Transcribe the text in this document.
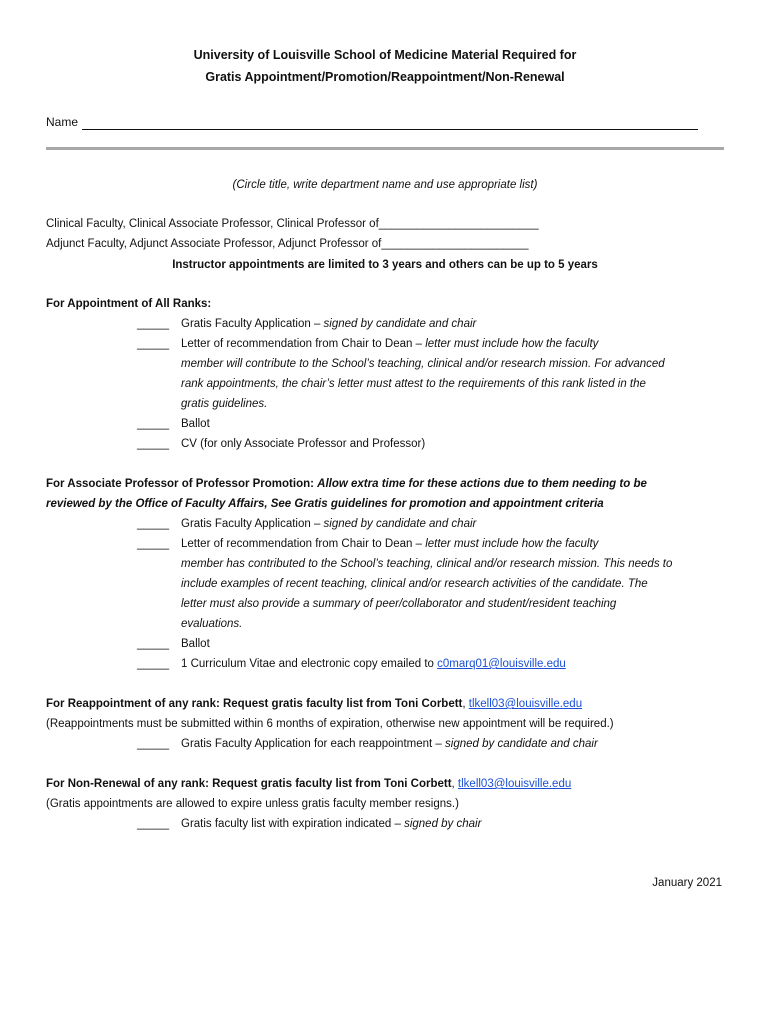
University of Louisville School of Medicine Material Required for
Gratis Appointment/Promotion/Reappointment/Non-Renewal
Name
(Circle title, write department name and use appropriate list)
Clinical Faculty, Clinical Associate Professor, Clinical Professor of_________________________
Adjunct Faculty, Adjunct Associate Professor, Adjunct Professor of_______________________
Instructor appointments are limited to 3 years and others can be up to 5 years
For Appointment of All Ranks:
_____ Gratis Faculty Application – signed by candidate and chair
_____ Letter of recommendation from Chair to Dean – letter must include how the faculty
member will contribute to the School’s teaching, clinical and/or research mission. For advanced
rank appointments, the chair’s letter must attest to the requirements of this rank listed in the
gratis guidelines.
_____ Ballot
_____ CV (for only Associate Professor and Professor)
For Associate Professor of Professor Promotion: Allow extra time for these actions due to them needing to be
reviewed by the Office of Faculty Affairs, See Gratis guidelines for promotion and appointment criteria
_____ Gratis Faculty Application – signed by candidate and chair
_____ Letter of recommendation from Chair to Dean – letter must include how the faculty
member has contributed to the School’s teaching, clinical and/or research mission. This needs to
include examples of recent teaching, clinical and/or research activities of the candidate. The
letter must also provide a summary of peer/collaborator and student/resident teaching
evaluations.
_____ Ballot
_____ 1 Curriculum Vitae and electronic copy emailed to c0marq01@louisville.edu
For Reappointment of any rank: Request gratis faculty list from Toni Corbett, tlkell03@louisville.edu
(Reappointments must be submitted within 6 months of expiration, otherwise new appointment will be required.)
_____ Gratis Faculty Application for each reappointment – signed by candidate and chair
For Non-Renewal of any rank: Request gratis faculty list from Toni Corbett, tlkell03@louisville.edu
(Gratis appointments are allowed to expire unless gratis faculty member resigns.)
_____ Gratis faculty list with expiration indicated – signed by chair
January 2021
